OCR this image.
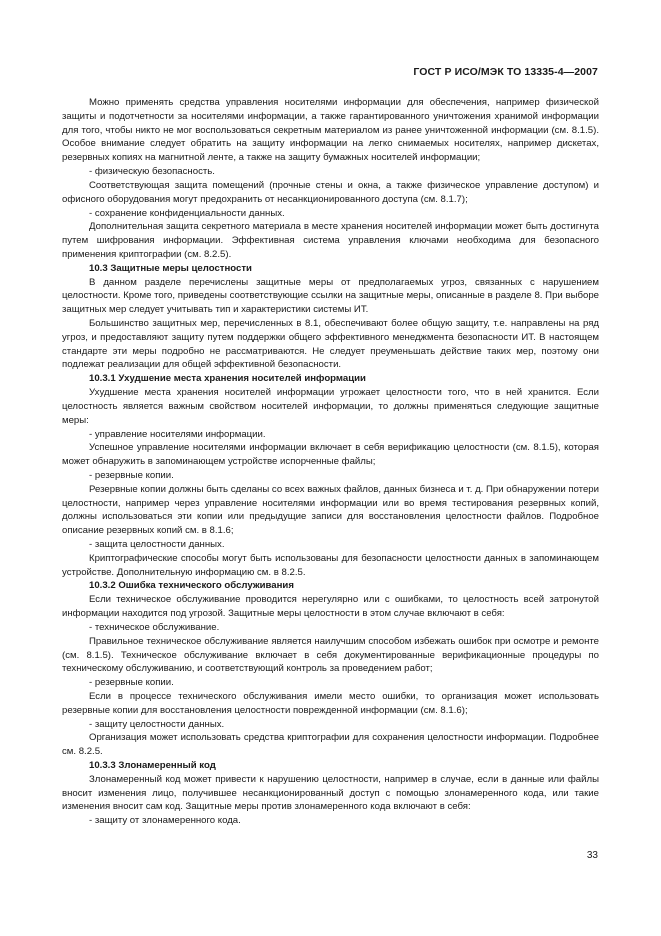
ГОСТ Р ИСО/МЭК ТО 13335-4—2007

Можно применять средства управления носителями информации для обеспечения, например физической защиты и подотчетности за носителями информации, а также гарантированного уничтожения хранимой информации для того, чтобы никто не мог воспользоваться секретным материалом из ранее уничтоженной информации (см. 8.1.5). Особое внимание следует обратить на защиту информации на легко снимаемых носителях, например дискетах, резервных копиях на магнитной ленте, а также на защиту бумажных носителей информации;

- физическую безопасность.

Соответствующая защита помещений (прочные стены и окна, а также физическое управление доступом) и офисного оборудования могут предохранить от несанкционированного доступа (см. 8.1.7);

- сохранение конфиденциальности данных.

Дополнительная защита секретного материала в месте хранения носителей информации может быть достигнута путем шифрования информации. Эффективная система управления ключами необходима для безопасного применения криптографии (см. 8.2.5).

10.3 Защитные меры целостности

В данном разделе перечислены защитные меры от предполагаемых угроз, связанных с нарушением целостности. Кроме того, приведены соответствующие ссылки на защитные меры, описанные в разделе 8. При выборе защитных мер следует учитывать тип и характеристики системы ИТ.

Большинство защитных мер, перечисленных в 8.1, обеспечивают более общую защиту, т.е. направлены на ряд угроз, и предоставляют защиту путем поддержки общего эффективного менеджмента безопасности ИТ. В настоящем стандарте эти меры подробно не рассматриваются. Не следует преуменьшать действие таких мер, поэтому они подлежат реализации для общей эффективной безопасности.

10.3.1 Ухудшение места хранения носителей информации

Ухудшение места хранения носителей информации угрожает целостности того, что в ней хранится. Если целостность является важным свойством носителей информации, то должны применяться следующие защитные меры:

- управление носителями информации.

Успешное управление носителями информации включает в себя верификацию целостности (см. 8.1.5), которая может обнаружить в запоминающем устройстве испорченные файлы;

- резервные копии.

Резервные копии должны быть сделаны со всех важных файлов, данных бизнеса и т. д. При обнаружении потери целостности, например через управление носителями информации или во время тестирования резервных копий, должны использоваться эти копии или предыдущие записи для восстановления целостности файлов. Подробное описание резервных копий см. в 8.1.6;

- защита целостности данных.

Криптографические способы могут быть использованы для безопасности целостности данных в запоминающем устройстве. Дополнительную информацию см. в 8.2.5.

10.3.2 Ошибка технического обслуживания

Если техническое обслуживание проводится нерегулярно или с ошибками, то целостность всей затронутой информации находится под угрозой. Защитные меры целостности в этом случае включают в себя:

- техническое обслуживание.

Правильное техническое обслуживание является наилучшим способом избежать ошибок при осмотре и ремонте (см. 8.1.5). Техническое обслуживание включает в себя документированные верификационные процедуры по техническому обслуживанию, и соответствующий контроль за проведением работ;

- резервные копии.

Если в процессе технического обслуживания имели место ошибки, то организация может использовать резервные копии для восстановления целостности поврежденной информации (см. 8.1.6);

- защиту целостности данных.

Организация может использовать средства криптографии для сохранения целостности информации. Подробнее см. 8.2.5.

10.3.3 Злонамеренный код

Злонамеренный код может привести к нарушению целостности, например в случае, если в данные или файлы вносит изменения лицо, получившее несанкционированный доступ с помощью злонамеренного кода, или такие изменения вносит сам код. Защитные меры против злонамеренного кода включают в себя:

- защиту от злонамеренного кода.

33
